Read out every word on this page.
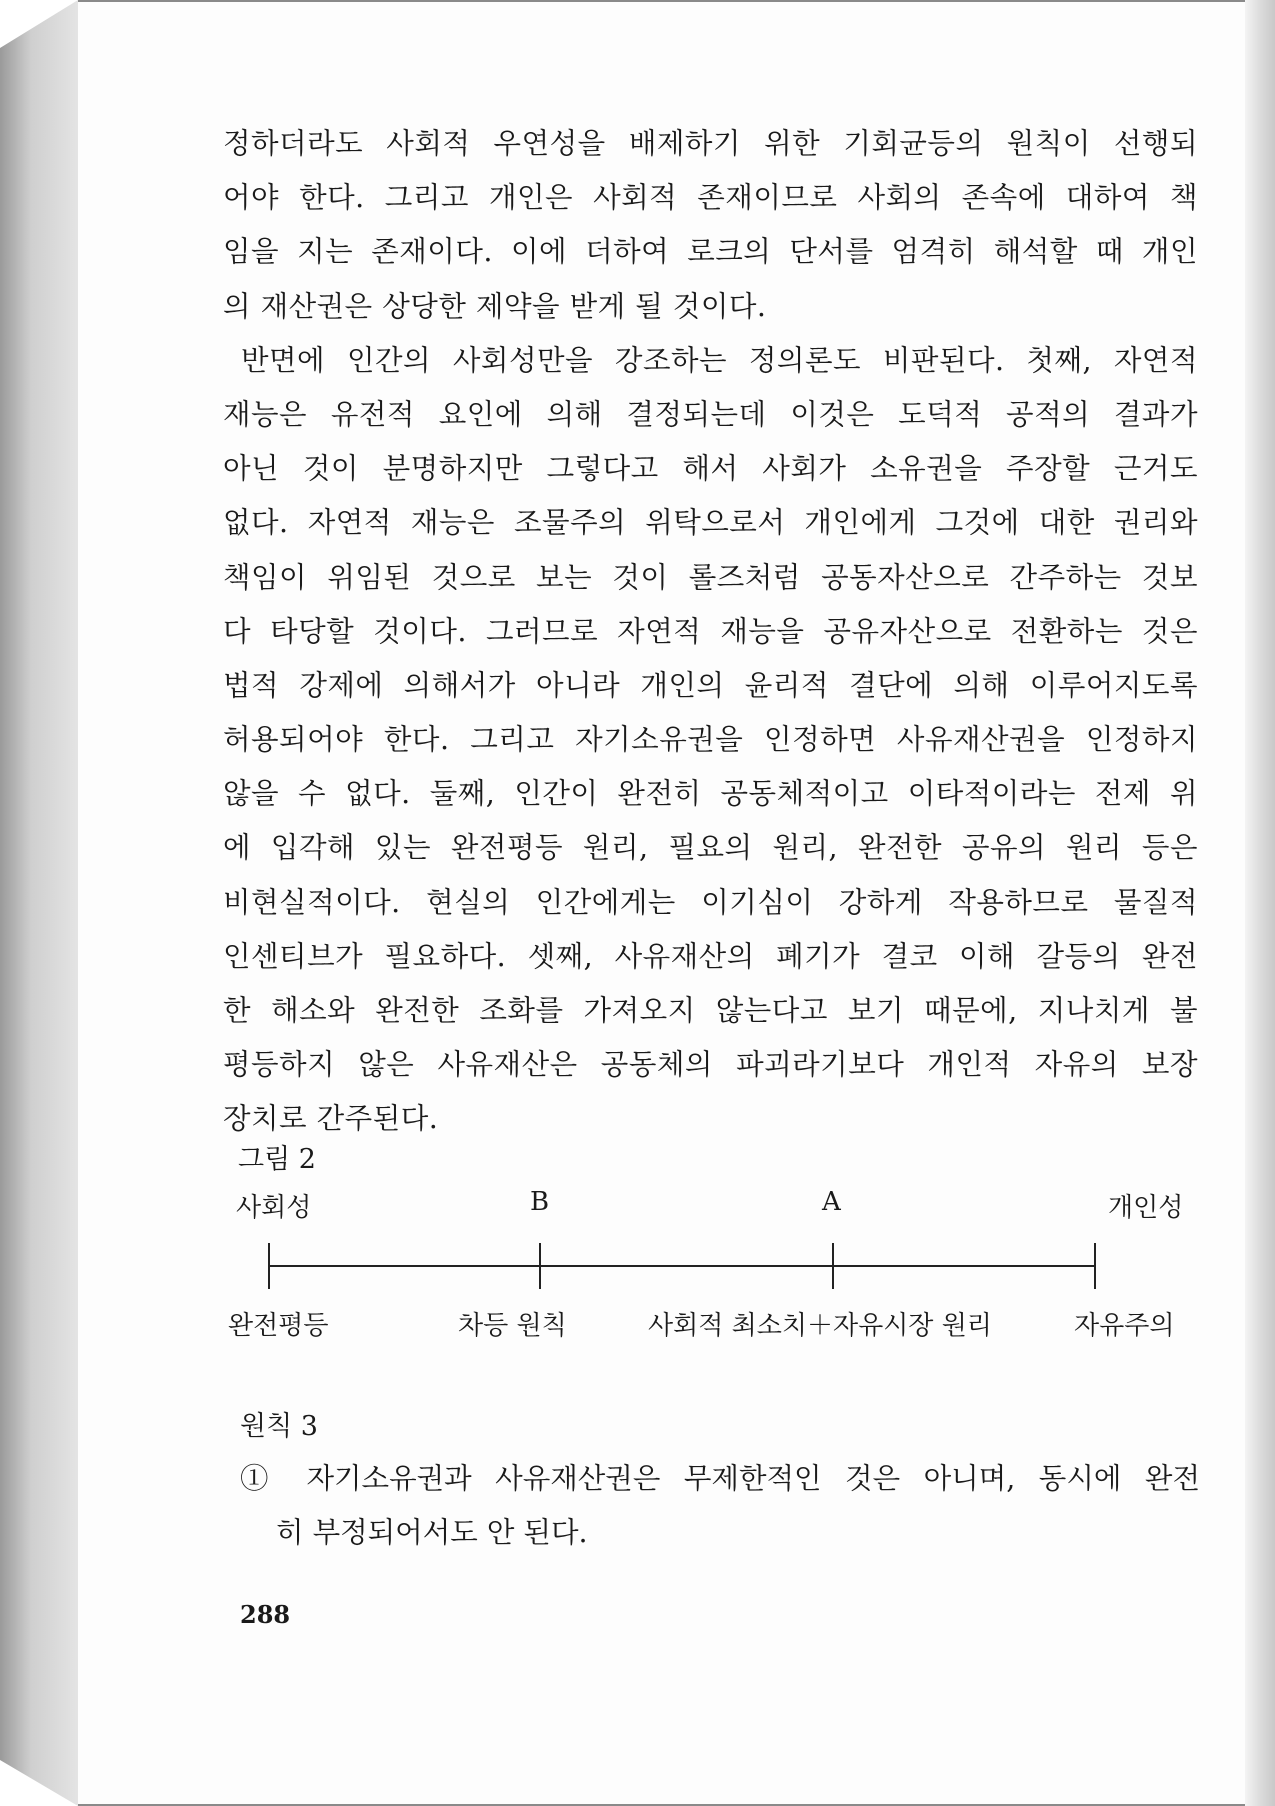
정하더라도 사회적 우연성을 배제하기 위한 기회균등의 원칙이 선행되
어야 한다. 그리고 개인은 사회적 존재이므로 사회의 존속에 대하여 책
임을 지는 존재이다. 이에 더하여 로크의 단서를 엄격히 해석할 때 개인
의 재산권은 상당한 제약을 받게 될 것이다.
반면에 인간의 사회성만을 강조하는 정의론도 비판된다. 첫째, 자연적
재능은 유전적 요인에 의해 결정되는데 이것은 도덕적 공적의 결과가
아닌 것이 분명하지만 그렇다고 해서 사회가 소유권을 주장할 근거도
없다. 자연적 재능은 조물주의 위탁으로서 개인에게 그것에 대한 권리와
책임이 위임된 것으로 보는 것이 롤즈처럼 공동자산으로 간주하는 것보
다 타당할 것이다. 그러므로 자연적 재능을 공유자산으로 전환하는 것은
법적 강제에 의해서가 아니라 개인의 윤리적 결단에 의해 이루어지도록
허용되어야 한다. 그리고 자기소유권을 인정하면 사유재산권을 인정하지
않을 수 없다. 둘째, 인간이 완전히 공동체적이고 이타적이라는 전제 위
에 입각해 있는 완전평등 원리, 필요의 원리, 완전한 공유의 원리 등은
비현실적이다. 현실의 인간에게는 이기심이 강하게 작용하므로 물질적
인센티브가 필요하다. 셋째, 사유재산의 폐기가 결코 이해 갈등의 완전
한 해소와 완전한 조화를 가져오지 않는다고 보기 때문에, 지나치게 불
평등하지 않은 사유재산은 공동체의 파괴라기보다 개인적 자유의 보장
장치로 간주된다.
그림 2
사회성	B	A	개인성
완전평등	차등 원칙	사회적 최소치＋자유시장 원리	자유주의
원칙 3
① 자기소유권과 사유재산권은 무제한적인 것은 아니며, 동시에 완전
히 부정되어서도 안 된다.
288
